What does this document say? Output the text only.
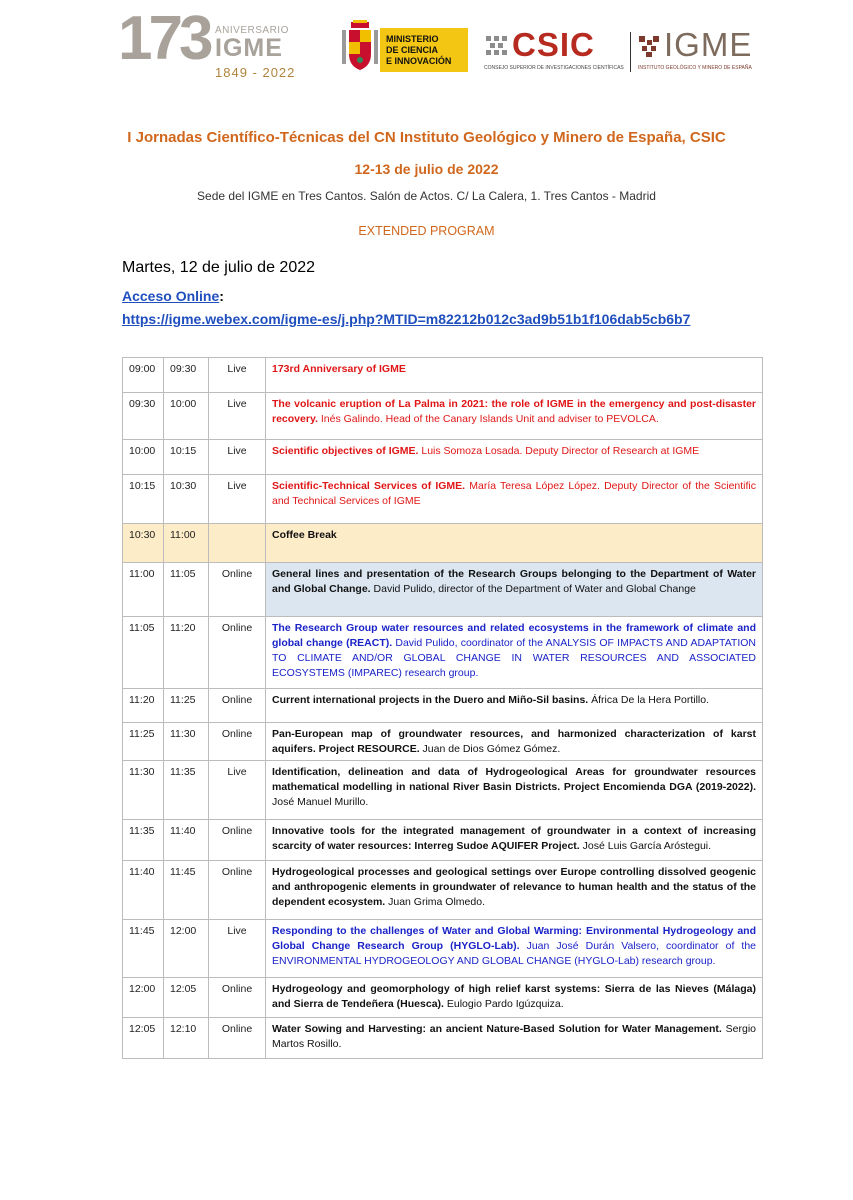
173 ANIVERSARIO
IGME
1849 - 2022
MINISTERIO
DE CIENCIA
E INNOVACIÓN	CSIC
CONSEJO SUPERIOR DE INVESTIGACIONES CIENTÍFICAS
IGME
INSTITUTO GEOLÓGICO Y MINERO DE ESPAÑA
I Jornadas Científico-Técnicas del CN Instituto Geológico y Minero de España, CSIC
12-13 de julio de 2022
Sede del IGME en Tres Cantos. Salón de Actos. C/ La Calera, 1. Tres Cantos - Madrid
EXTENDED PROGRAM
Martes, 12 de julio de 2022
Acceso Online:
https://igme.webex.com/igme-es/j.php?MTID=m82212b012c3ad9b51b1f106dab5cb6b7
09:00	09:30	Live	173rd Anniversary of IGME
09:30	10:00	Live	The volcanic eruption of La Palma in 2021: the role of IGME in the emergency and post-disaster recovery. Inés Galindo. Head of the Canary Islands Unit and adviser to PEVOLCA.
10:00	10:15	Live	Scientific objectives of IGME. Luis Somoza Losada. Deputy Director of Research at IGME
10:15	10:30	Live	Scientific-Technical Services of IGME. María Teresa López López. Deputy Director of the Scientific and Technical Services of IGME
10:30	11:00		Coffee Break
11:00	11:05	Online	General lines and presentation of the Research Groups belonging to the Department of Water and Global Change. David Pulido, director of the Department of Water and Global Change
11:05	11:20	Online	The Research Group water resources and related ecosystems in the framework of climate and global change (REACT). David Pulido, coordinator of the ANALYSIS OF IMPACTS AND ADAPTATION TO CLIMATE AND/OR GLOBAL CHANGE IN WATER RESOURCES AND ASSOCIATED ECOSYSTEMS (IMPAREC) research group.
11:20	11:25	Online	Current international projects in the Duero and Miño-Sil basins. África De la Hera Portillo.
11:25	11:30	Online	Pan-European map of groundwater resources, and harmonized characterization of karst aquifers. Project RESOURCE. Juan de Dios Gómez Gómez.
11:30	11:35	Live	Identification, delineation and data of Hydrogeological Areas for groundwater resources mathematical modelling in national River Basin Districts. Project Encomienda DGA (2019-2022). José Manuel Murillo.
11:35	11:40	Online	Innovative tools for the integrated management of groundwater in a context of increasing scarcity of water resources: Interreg Sudoe AQUIFER Project. José Luis García Aróstegui.
11:40	11:45	Online	Hydrogeological processes and geological settings over Europe controlling dissolved geogenic and anthropogenic elements in groundwater of relevance to human health and the status of the dependent ecosystem. Juan Grima Olmedo.
11:45	12:00	Live	Responding to the challenges of Water and Global Warming: Environmental Hydrogeology and Global Change Research Group (HYGLO-Lab). Juan José Durán Valsero, coordinator of the ENVIRONMENTAL HYDROGEOLOGY AND GLOBAL CHANGE (HYGLO-Lab) research group.
12:00	12:05	Online	Hydrogeology and geomorphology of high relief karst systems: Sierra de las Nieves (Málaga) and Sierra de Tendeñera (Huesca). Eulogio Pardo Igúzquiza.
12:05	12:10	Online	Water Sowing and Harvesting: an ancient Nature-Based Solution for Water Management. Sergio Martos Rosillo.
